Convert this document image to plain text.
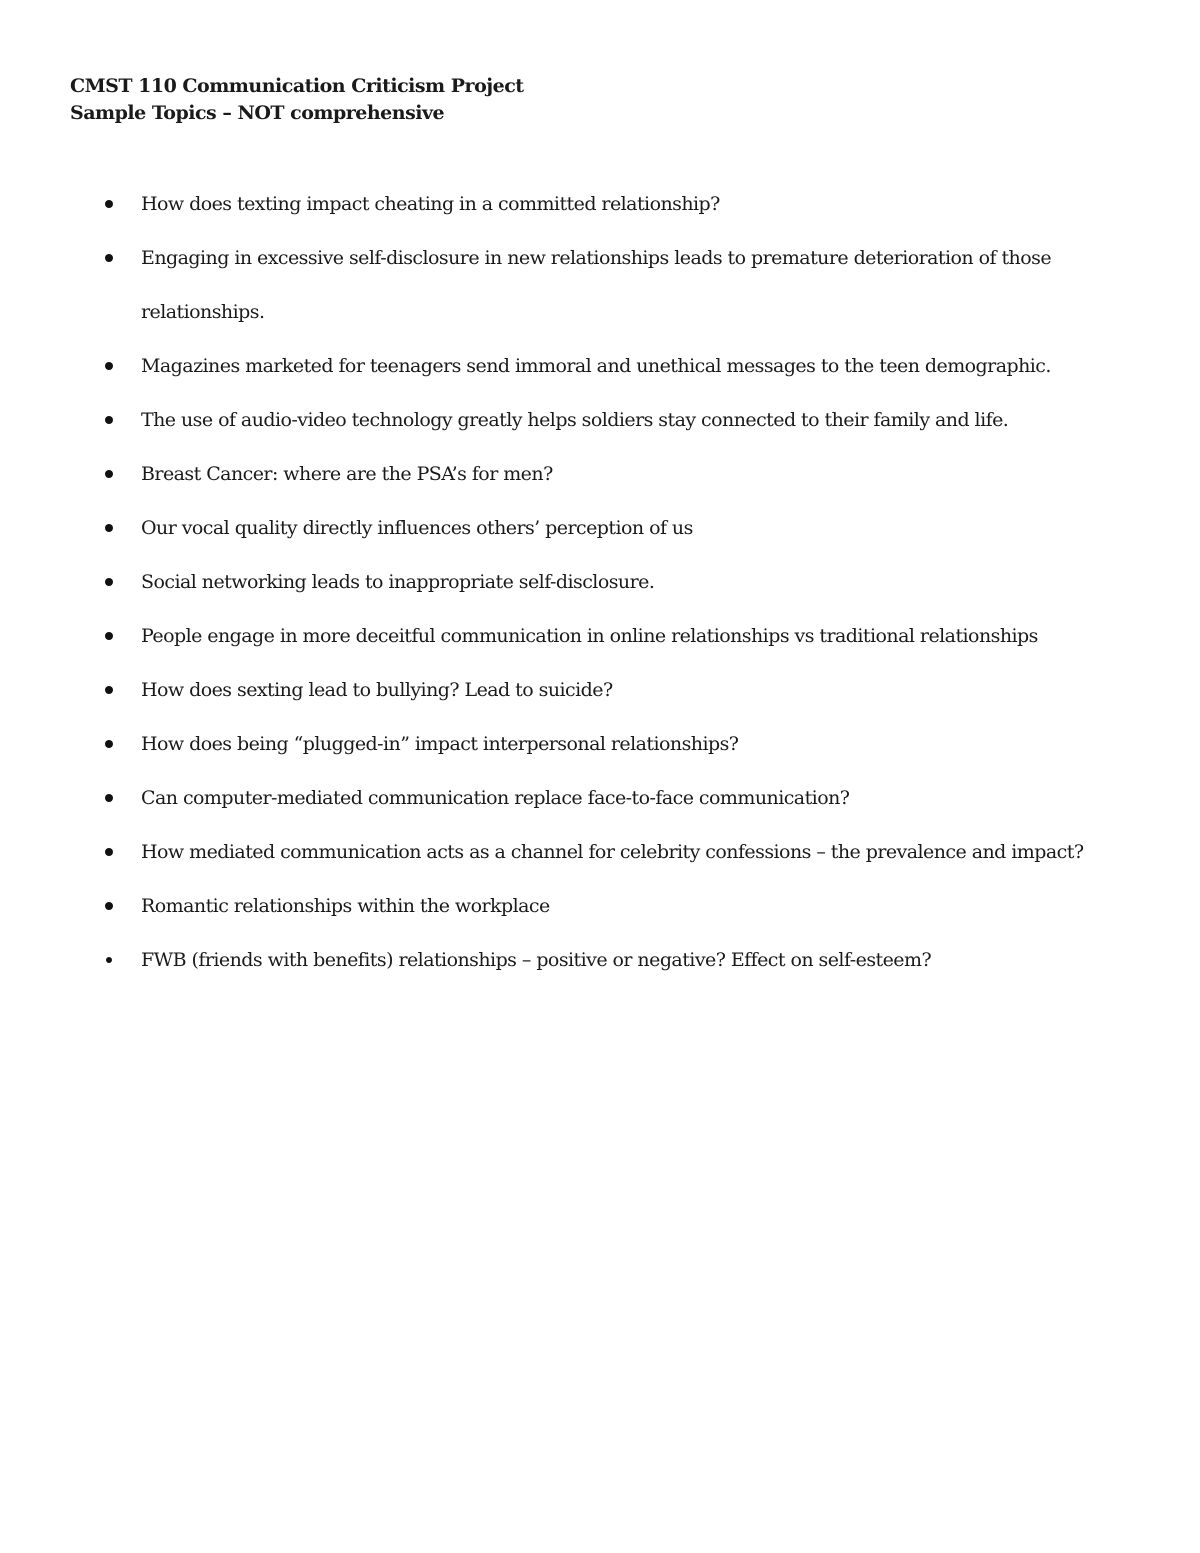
CMST 110 Communication Criticism Project
Sample Topics – NOT comprehensive
How does texting impact cheating in a committed relationship?
Engaging in excessive self-disclosure in new relationships leads to premature deterioration of those relationships.
Magazines marketed for teenagers send immoral and unethical messages to the teen demographic.
The use of audio-video technology greatly helps soldiers stay connected to their family and life.
Breast Cancer: where are the PSA’s for men?
Our vocal quality directly influences others’ perception of us
Social networking leads to inappropriate self-disclosure.
People engage in more deceitful communication in online relationships vs traditional relationships
How does sexting lead to bullying? Lead to suicide?
How does being “plugged-in” impact interpersonal relationships?
Can computer-mediated communication replace face-to-face communication?
How mediated communication acts as a channel for celebrity confessions – the prevalence and impact?
Romantic relationships within the workplace
FWB (friends with benefits) relationships – positive or negative? Effect on self-esteem?
